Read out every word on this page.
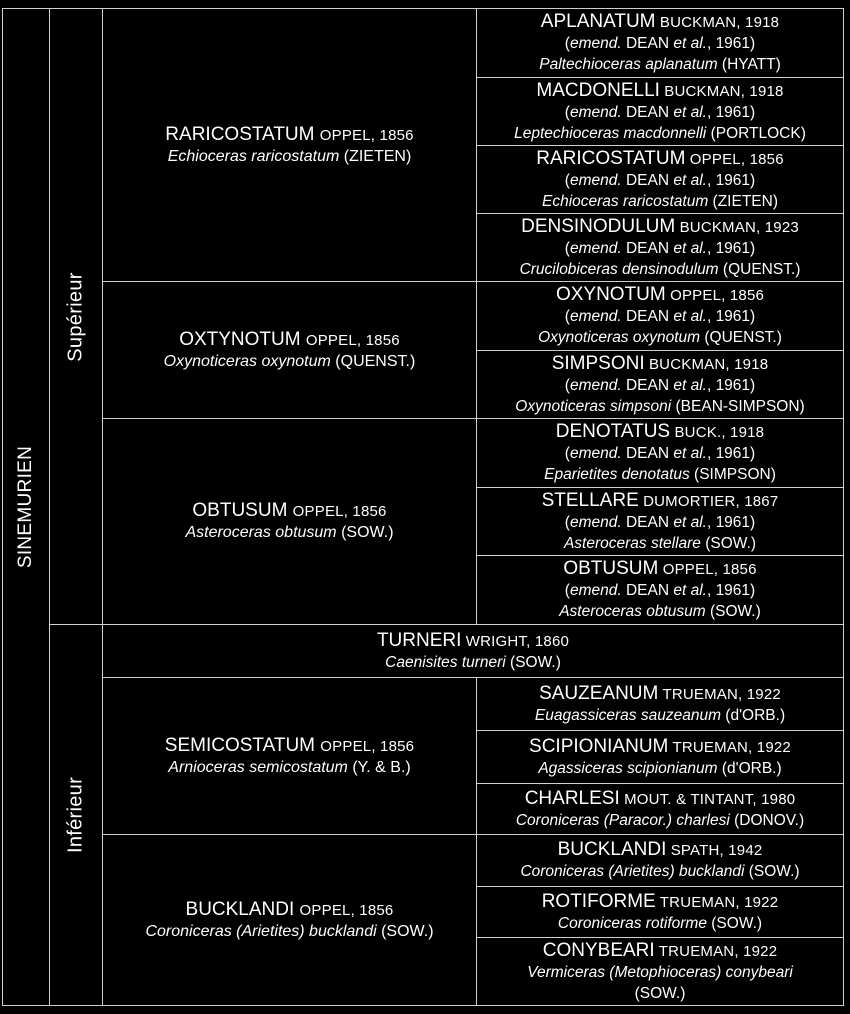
SINEMURIEN
Supérieur
Inférieur
RARICOSTATUM OPPEL, 1856
Echioceras raricostatum (ZIETEN)
APLANATUM BUCKMAN, 1918
(emend. DEAN et al., 1961)
Paltechioceras aplanatum (HYATT)
MACDONELLI BUCKMAN, 1918
(emend. DEAN et al., 1961)
Leptechioceras macdonnelli (PORTLOCK)
RARICOSTATUM OPPEL, 1856
(emend. DEAN et al., 1961)
Echioceras raricostatum (ZIETEN)
DENSINODULUM BUCKMAN, 1923
(emend. DEAN et al., 1961)
Crucilobiceras densinodulum (QUENST.)
OXTYNOTUM OPPEL, 1856
Oxynoticeras oxynotum (QUENST.)
OXYNOTUM OPPEL, 1856
(emend. DEAN et al., 1961)
Oxynoticeras oxynotum (QUENST.)
SIMPSONI BUCKMAN, 1918
(emend. DEAN et al., 1961)
Oxynoticeras simpsoni (BEAN-SIMPSON)
OBTUSUM OPPEL, 1856
Asteroceras obtusum (SOW.)
DENOTATUS BUCK., 1918
(emend. DEAN et al., 1961)
Eparietites denotatus (SIMPSON)
STELLARE DUMORTIER, 1867
(emend. DEAN et al., 1961)
Asteroceras stellare (SOW.)
OBTUSUM OPPEL, 1856
(emend. DEAN et al., 1961)
Asteroceras obtusum (SOW.)
TURNERI WRIGHT, 1860
Caenisites turneri (SOW.)
SEMICOSTATUM OPPEL, 1856
Arnioceras semicostatum (Y. & B.)
SAUZEANUM TRUEMAN, 1922
Euagassiceras sauzeanum (d'ORB.)
SCIPIONIANUM TRUEMAN, 1922
Agassiceras scipionianum (d'ORB.)
CHARLESI MOUT. & TINTANT, 1980
Coroniceras (Paracor.) charlesi (DONOV.)
BUCKLANDI OPPEL, 1856
Coroniceras (Arietites) bucklandi (SOW.)
BUCKLANDI SPATH, 1942
Coroniceras (Arietites) bucklandi (SOW.)
ROTIFORME TRUEMAN, 1922
Coroniceras rotiforme (SOW.)
CONYBEARI TRUEMAN, 1922
Vermiceras (Metophioceras) conybeari
(SOW.)
